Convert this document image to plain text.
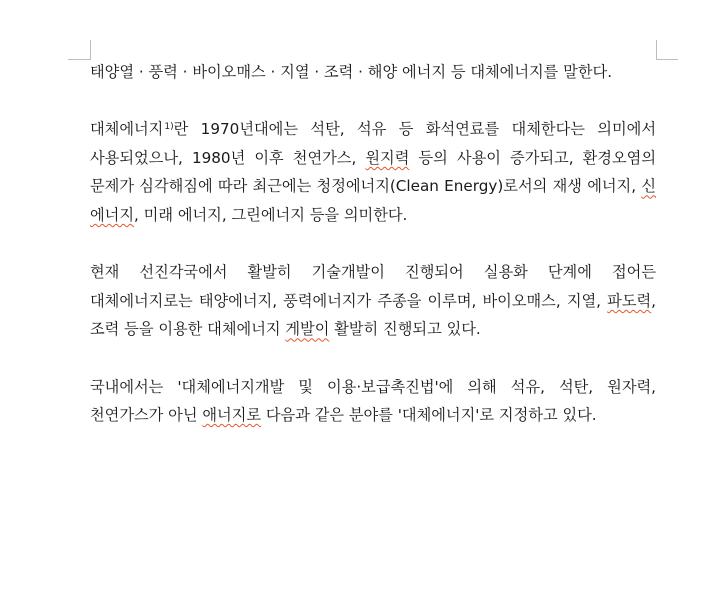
태양열 · 풍력 · 바이오매스 · 지열 · 조력 · 해양 에너지 등 대체에너지를 말한다.

대체에너지$^{1)}$란 1970년대에는 석탄, 석유 등 화석연료를 대체한다는 의미에서 사용되었으나, 1980년 이후 천연가스, 원지력 등의 사용이 증가되고, 환경오염의 문제가 심각해짐에 따라 최근에는 청정에너지(Clean Energy)로서의 재생 에너지, 신 에너지, 미래 에너지, 그린에너지 등을 의미한다.

현재 선진각국에서 활발히 기술개발이 진행되어 실용화 단계에 접어든 대체에너지로는 태양에너지, 풍력에너지가 주종을 이루며, 바이오매스, 지열, 파도력, 조력 등을 이용한 대체에너지 게발이 활발히 진행되고 있다.

국내에서는 '대체에너지개발 및 이용·보급촉진법'에 의해 석유, 석탄, 원자력, 천연가스가 아닌 애너지로 다음과 같은 분야를 '대체에너지'로 지정하고 있다.
